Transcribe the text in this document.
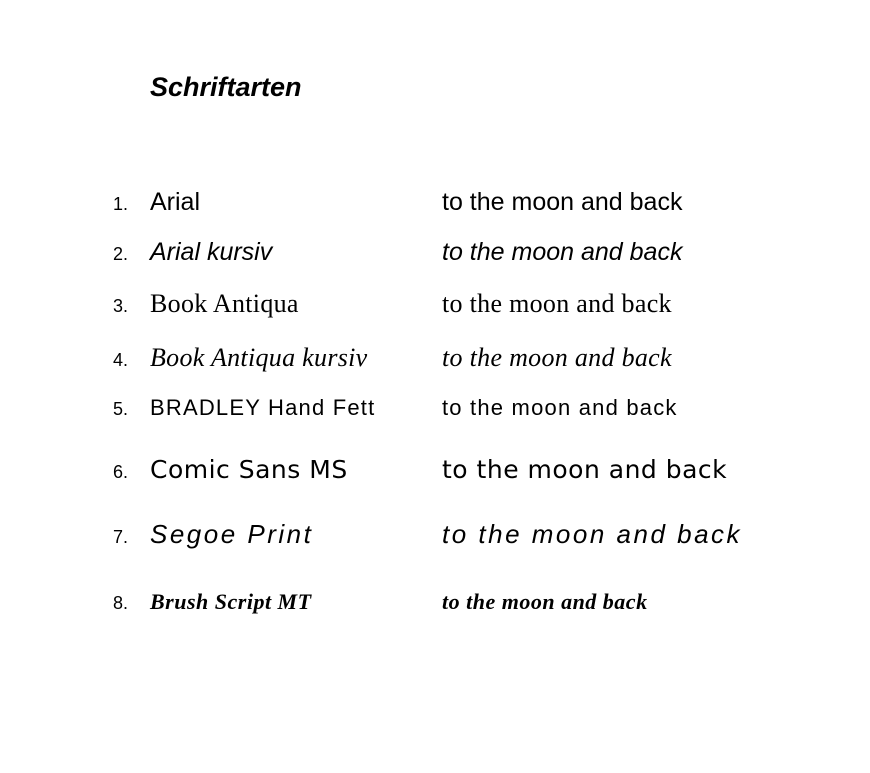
Schriftarten
1. Arial	to the moon and back
2. Arial kursiv	to the moon and back
3. Book Antiqua	to the moon and back
4. Book Antiqua kursiv	to the moon and back
5. BRADLEY Hand Fett	to the moon and back
6. Comic Sans MS	to the moon and back
7. Segoe Print	to the moon and back
8. Brush Script MT	to the moon and back
